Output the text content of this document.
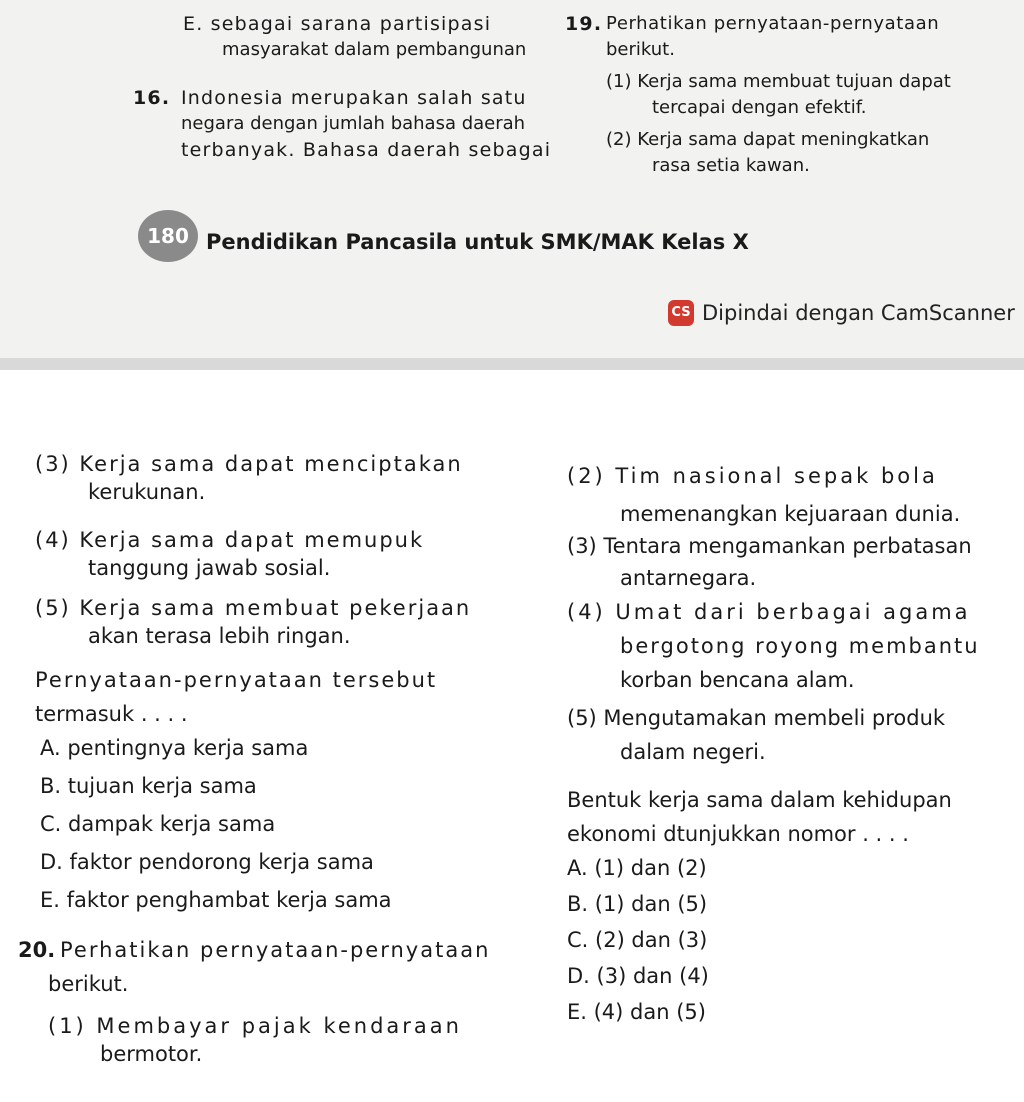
E. sebagai sarana partisipasi
masyarakat dalam pembangunan
16. Indonesia merupakan salah satu
negara dengan jumlah bahasa daerah
terbanyak. Bahasa daerah sebagai
19. Perhatikan pernyataan-pernyataan
berikut.
(1) Kerja sama membuat tujuan dapat
tercapai dengan efektif.
(2) Kerja sama dapat meningkatkan
rasa setia kawan.
180 Pendidikan Pancasila untuk SMK/MAK Kelas X
CS Dipindai dengan CamScanner
(3) Kerja sama dapat menciptakan
kerukunan.
(4) Kerja sama dapat memupuk
tanggung jawab sosial.
(5) Kerja sama membuat pekerjaan
akan terasa lebih ringan.
Pernyataan-pernyataan tersebut
termasuk . . . .
A. pentingnya kerja sama
B. tujuan kerja sama
C. dampak kerja sama
D. faktor pendorong kerja sama
E. faktor penghambat kerja sama
20. Perhatikan pernyataan-pernyataan
berikut.
(1) Membayar pajak kendaraan
bermotor.
(2) Tim nasional sepak bola
memenangkan kejuaraan dunia.
(3) Tentara mengamankan perbatasan
antarnegara.
(4) Umat dari berbagai agama
bergotong royong membantu
korban bencana alam.
(5) Mengutamakan membeli produk
dalam negeri.
Bentuk kerja sama dalam kehidupan
ekonomi dtunjukkan nomor . . . .
A. (1) dan (2)
B. (1) dan (5)
C. (2) dan (3)
D. (3) dan (4)
E. (4) dan (5)
